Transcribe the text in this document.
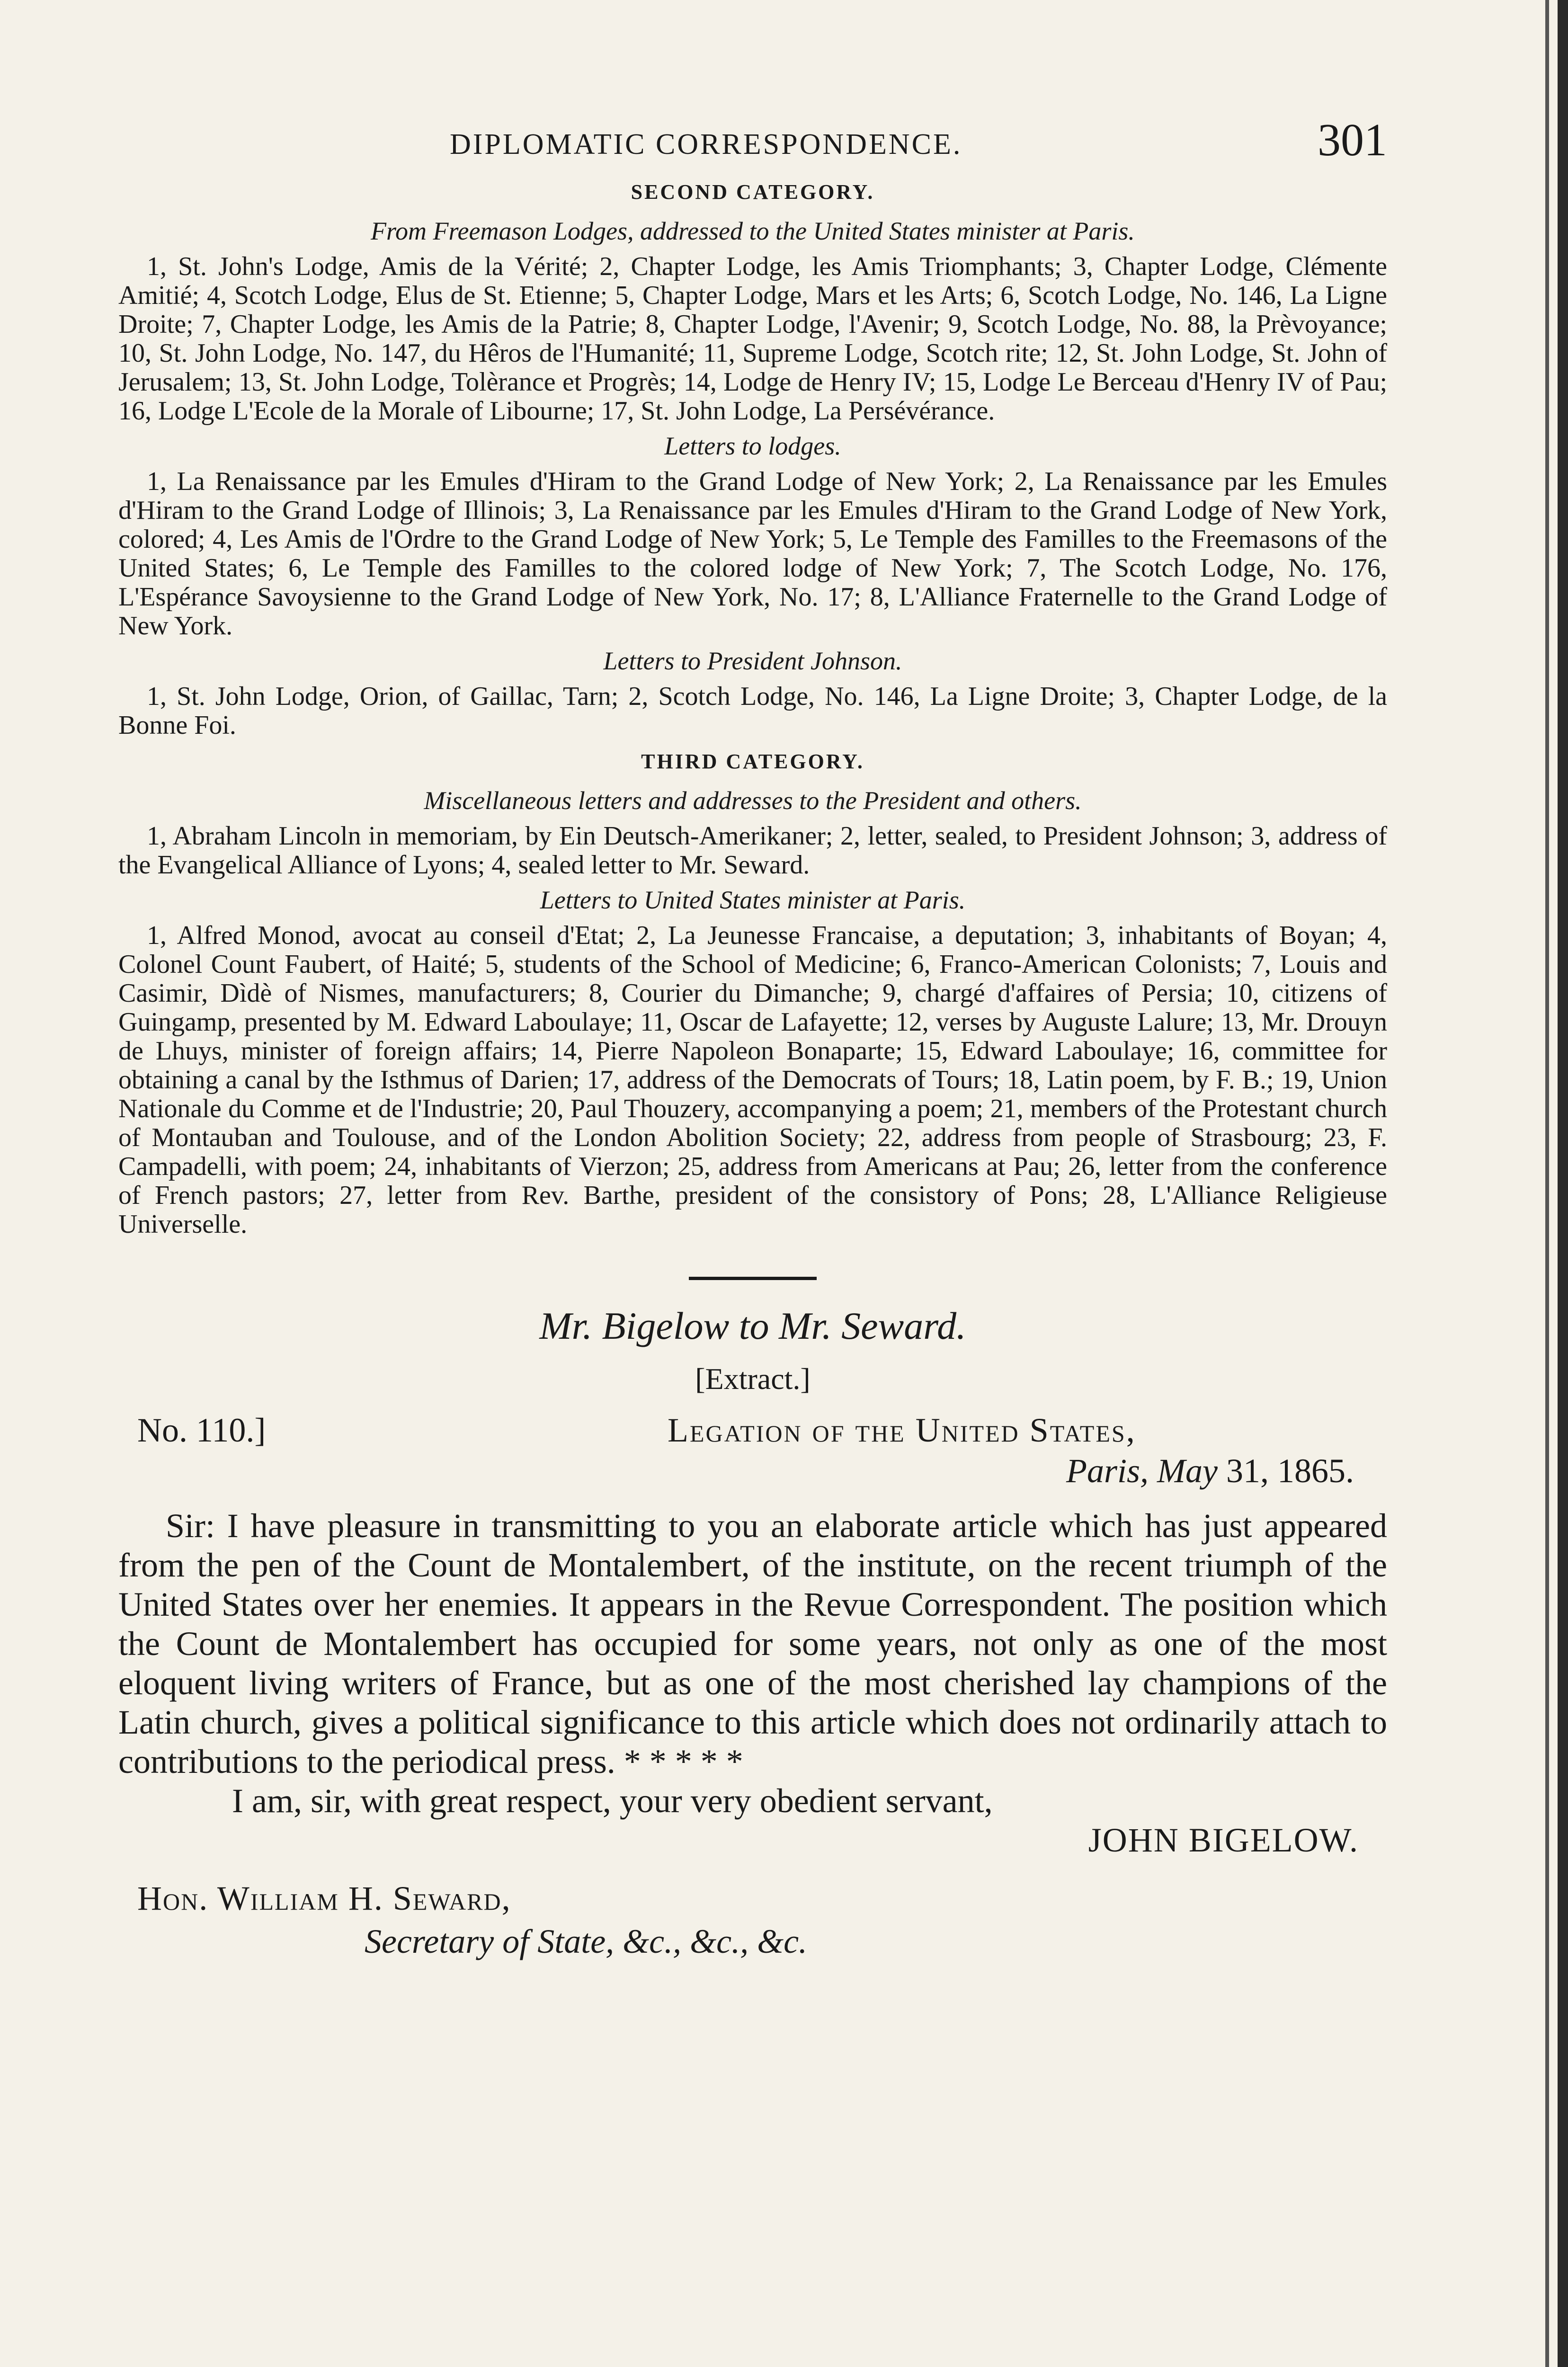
DIPLOMATIC CORRESPONDENCE.	301
SECOND CATEGORY.
From Freemason Lodges, addressed to the United States minister at Paris.

1, St. John's Lodge, Amis de la Vérité; 2, Chapter Lodge, les Amis Triomphants; 3, Chapter Lodge, Clémente Amitié; 4, Scotch Lodge, Elus de St. Etienne; 5, Chapter Lodge, Mars et les Arts; 6, Scotch Lodge, No. 146, La Ligne Droite; 7, Chapter Lodge, les Amis de la Patrie; 8, Chapter Lodge, l'Avenir; 9, Scotch Lodge, No. 88, la Prèvoyance; 10, St. John Lodge, No. 147, du Hêros de l'Humanité; 11, Supreme Lodge, Scotch rite; 12, St. John Lodge, St. John of Jerusalem; 13, St. John Lodge, Tolèrance et Progrès; 14, Lodge de Henry IV; 15, Lodge Le Berceau d'Henry IV of Pau; 16, Lodge L'Ecole de la Morale of Libourne; 17, St. John Lodge, La Persévérance.

Letters to lodges.

1, La Renaissance par les Emules d'Hiram to the Grand Lodge of New York; 2, La Renaissance par les Emules d'Hiram to the Grand Lodge of Illinois; 3, La Renaissance par les Emules d'Hiram to the Grand Lodge of New York, colored; 4, Les Amis de l'Ordre to the Grand Lodge of New York; 5, Le Temple des Familles to the Freemasons of the United States; 6, Le Temple des Familles to the colored lodge of New York; 7, The Scotch Lodge, No. 176, L'Espérance Savoysienne to the Grand Lodge of New York, No. 17; 8, L'Alliance Fraternelle to the Grand Lodge of New York.

Letters to President Johnson.

1, St. John Lodge, Orion, of Gaillac, Tarn; 2, Scotch Lodge, No. 146, La Ligne Droite; 3, Chapter Lodge, de la Bonne Foi.

THIRD CATEGORY.
Miscellaneous letters and addresses to the President and others.

1, Abraham Lincoln in memoriam, by Ein Deutsch-Amerikaner; 2, letter, sealed, to President Johnson; 3, address of the Evangelical Alliance of Lyons; 4, sealed letter to Mr. Seward.

Letters to United States minister at Paris.

1, Alfred Monod, avocat au conseil d'Etat; 2, La Jeunesse Francaise, a deputation; 3, inhabitants of Boyan; 4, Colonel Count Faubert, of Haité; 5, students of the School of Medicine; 6, Franco-American Colonists; 7, Louis and Casimir, Dìdè of Nismes, manufacturers; 8, Courier du Dimanche; 9, chargé d'affaires of Persia; 10, citizens of Guingamp, presented by M. Edward Laboulaye; 11, Oscar de Lafayette; 12, verses by Auguste Lalure; 13, Mr. Drouyn de Lhuys, minister of foreign affairs; 14, Pierre Napoleon Bonaparte; 15, Edward Laboulaye; 16, committee for obtaining a canal by the Isthmus of Darien; 17, address of the Democrats of Tours; 18, Latin poem, by F. B.; 19, Union Nationale du Comme et de l'Industrie; 20, Paul Thouzery, accompanying a poem; 21, members of the Protestant church of Montauban and Toulouse, and of the London Abolition Society; 22, address from people of Strasbourg; 23, F. Campadelli, with poem; 24, inhabitants of Vierzon; 25, address from Americans at Pau; 26, letter from the conference of French pastors; 27, letter from Rev. Barthe, president of the consistory of Pons; 28, L'Alliance Religieuse Universelle.

Mr. Bigelow to Mr. Seward.
[Extract.]
No. 110.]	Legation of the United States,
Paris, May 31, 1865.

Sir: I have pleasure in transmitting to you an elaborate article which has just appeared from the pen of the Count de Montalembert, of the institute, on the recent triumph of the United States over her enemies. It appears in the Revue Correspondent. The position which the Count de Montalembert has occupied for some years, not only as one of the most eloquent living writers of France, but as one of the most cherished lay champions of the Latin church, gives a political significance to this article which does not ordinarily attach to contributions to the periodical press. * * * * *

I am, sir, with great respect, your very obedient servant,

JOHN BIGELOW.
Hon. William H. Seward,
Secretary of State, &c., &c., &c.
